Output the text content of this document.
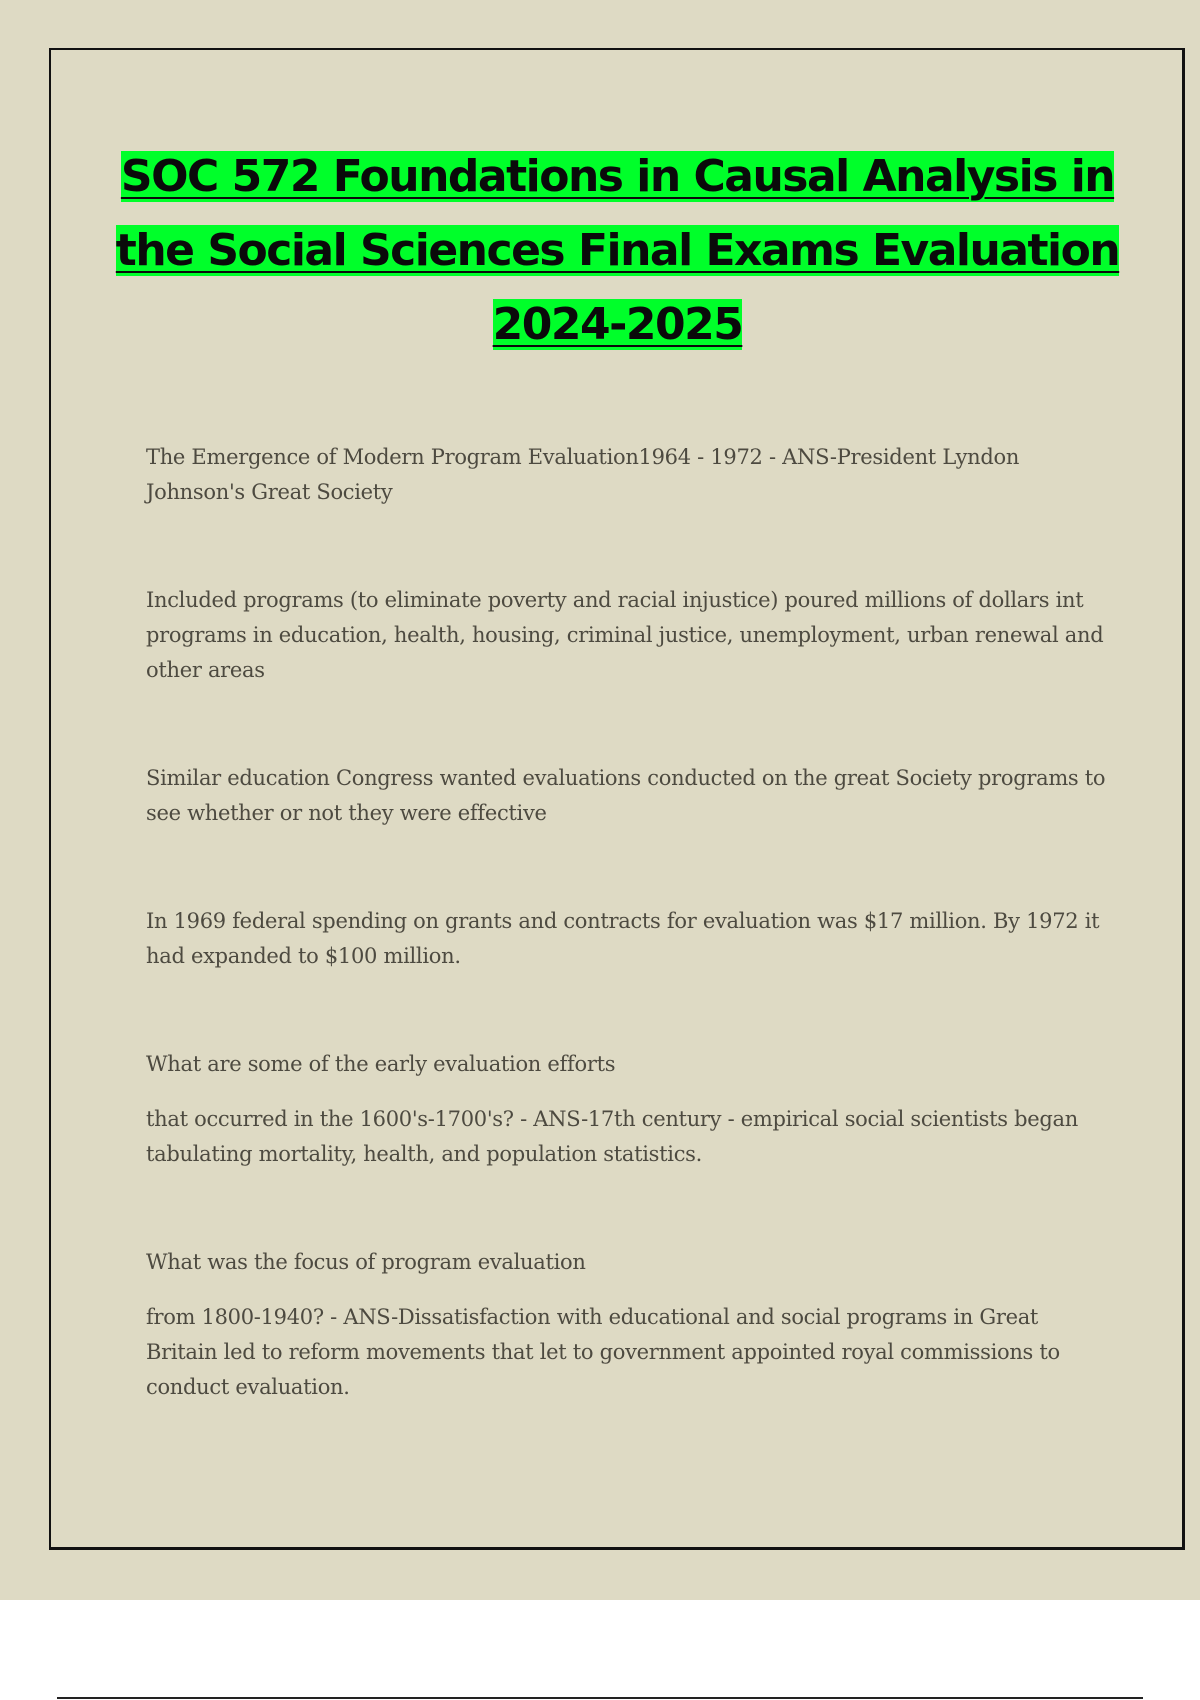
SOC 572 Foundations in Causal Analysis in the Social Sciences Final Exams Evaluation 2024-2025

The Emergence of Modern Program Evaluation1964 - 1972 - ANS-President Lyndon Johnson's Great Society

Included programs (to eliminate poverty and racial injustice) poured millions of dollars int programs in education, health, housing, criminal justice, unemployment, urban renewal and other areas

Similar education Congress wanted evaluations conducted on the great Society programs to see whether or not they were effective

In 1969 federal spending on grants and contracts for evaluation was $17 million. By 1972 it had expanded to $100 million.

What are some of the early evaluation efforts

that occurred in the 1600's-1700's? - ANS-17th century - empirical social scientists began tabulating mortality, health, and population statistics.

What was the focus of program evaluation

from 1800-1940? - ANS-Dissatisfaction with educational and social programs in Great Britain led to reform movements that let to government appointed royal commissions to conduct evaluation.
